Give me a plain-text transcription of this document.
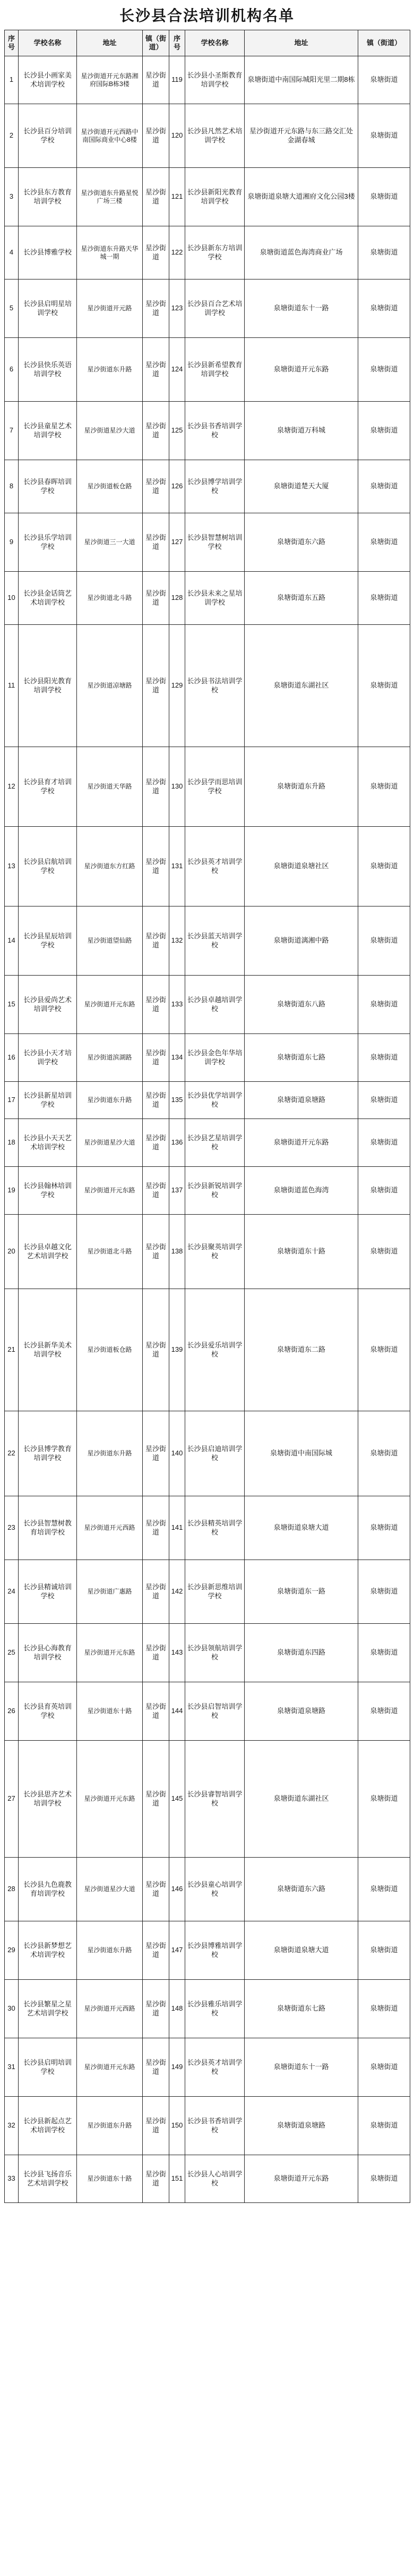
长沙县合法培训机构名单
序号	学校名称	地址	镇（街道）	序号	学校名称	地址	镇（街道）
1	长沙县小画家美术培训学校	星沙街道开元东路湘府国际B栋3楼	星沙街道	119	长沙县小圣斯教育培训学校	泉塘街道中南国际城阳光里二期8栋	泉塘街道
2	长沙县百分培训学校	星沙街道开元西路中南国际商业中心8楼	星沙街道	120	长沙县凡然艺术培训学校	星沙街道开元东路与东三路交汇处金湖春城	泉塘街道
3	长沙县东方教育培训学校	星沙街道东升路星悦广场三楼	星沙街道	121	长沙县新阳光教育培训学校	泉塘街道泉塘大道湘府文化公园3楼	泉塘街道
4	长沙县博雅学校	星沙街道东升路天华城一期	星沙街道	122	长沙县新东方培训学校	泉塘街道蓝色海湾商业广场	泉塘街道
5	长沙县启明星培训学校	星沙街道开元路	星沙街道	123	长沙县百合艺术培训学校	泉塘街道东十一路	泉塘街道
6	长沙县快乐英语培训学校	星沙街道东升路	星沙街道	124	长沙县新希望教育培训学校	泉塘街道开元东路	泉塘街道
7	长沙县童星艺术培训学校	星沙街道星沙大道	星沙街道	125	长沙县书香培训学校	泉塘街道万科城	泉塘街道
8	长沙县春晖培训学校	星沙街道板仓路	星沙街道	126	长沙县博学培训学校	泉塘街道楚天大厦	泉塘街道
9	长沙县乐学培训学校	星沙街道三一大道	星沙街道	127	长沙县智慧树培训学校	泉塘街道东六路	泉塘街道
10	长沙县金话筒艺术培训学校	星沙街道北斗路	星沙街道	128	长沙县未来之星培训学校	泉塘街道东五路	泉塘街道
11	长沙县阳光教育培训学校	星沙街道凉塘路	星沙街道	129	长沙县书法培训学校	泉塘街道东湖社区	泉塘街道
12	长沙县育才培训学校	星沙街道天华路	星沙街道	130	长沙县学而思培训学校	泉塘街道东升路	泉塘街道
13	长沙县启航培训学校	星沙街道东方红路	星沙街道	131	长沙县英才培训学校	泉塘街道泉塘社区	泉塘街道
14	长沙县星辰培训学校	星沙街道望仙路	星沙街道	132	长沙县蓝天培训学校	泉塘街道漓湘中路	泉塘街道
15	长沙县爱尚艺术培训学校	星沙街道开元东路	星沙街道	133	长沙县卓越培训学校	泉塘街道东八路	泉塘街道
16	长沙县小天才培训学校	星沙街道滨湖路	星沙街道	134	长沙县金色年华培训学校	泉塘街道东七路	泉塘街道
17	长沙县新星培训学校	星沙街道东升路	星沙街道	135	长沙县优学培训学校	泉塘街道泉塘路	泉塘街道
18	长沙县小天天艺术培训学校	星沙街道星沙大道	星沙街道	136	长沙县艺星培训学校	泉塘街道开元东路	泉塘街道
19	长沙县翰林培训学校	星沙街道开元东路	星沙街道	137	长沙县新锐培训学校	泉塘街道蓝色海湾	泉塘街道
20	长沙县卓越文化艺术培训学校	星沙街道北斗路	星沙街道	138	长沙县聚英培训学校	泉塘街道东十路	泉塘街道
21	长沙县新华美术培训学校	星沙街道板仓路	星沙街道	139	长沙县爱乐培训学校	泉塘街道东二路	泉塘街道
22	长沙县博学教育培训学校	星沙街道东升路	星沙街道	140	长沙县启迪培训学校	泉塘街道中南国际城	泉塘街道
23	长沙县智慧树教育培训学校	星沙街道开元西路	星沙街道	141	长沙县精英培训学校	泉塘街道泉塘大道	泉塘街道
24	长沙县精诚培训学校	星沙街道广惠路	星沙街道	142	长沙县新思维培训学校	泉塘街道东一路	泉塘街道
25	长沙县心海教育培训学校	星沙街道开元东路	星沙街道	143	长沙县领航培训学校	泉塘街道东四路	泉塘街道
26	长沙县育英培训学校	星沙街道东十路	星沙街道	144	长沙县启智培训学校	泉塘街道泉塘路	泉塘街道
27	长沙县思齐艺术培训学校	星沙街道开元东路	星沙街道	145	长沙县睿智培训学校	泉塘街道东湖社区	泉塘街道
28	长沙县九色鹿教育培训学校	星沙街道星沙大道	星沙街道	146	长沙县童心培训学校	泉塘街道东六路	泉塘街道
29	长沙县新梦想艺术培训学校	星沙街道东升路	星沙街道	147	长沙县博雅培训学校	泉塘街道泉塘大道	泉塘街道
30	长沙县繁星之星艺术培训学校	星沙街道开元西路	星沙街道	148	长沙县雅乐培训学校	泉塘街道东七路	泉塘街道
31	长沙县启明培训学校	星沙街道开元东路	星沙街道	149	长沙县英才培训学校	泉塘街道东十一路	泉塘街道
32	长沙县新起点艺术培训学校	星沙街道东升路	星沙街道	150	长沙县书香培训学校	泉塘街道泉塘路	泉塘街道
33	长沙县飞扬音乐艺术培训学校	星沙街道东十路	星沙街道	151	长沙县人心培训学校	泉塘街道开元东路	泉塘街道
